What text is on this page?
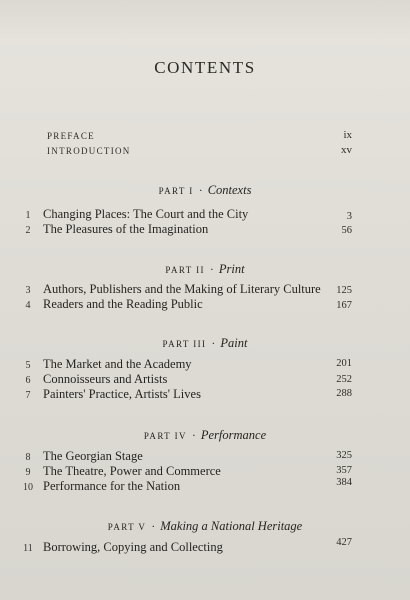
CONTENTS
PREFACE	ix
INTRODUCTION	xv
PART I · Contexts
1	Changing Places: The Court and the City	3
2	The Pleasures of the Imagination	56
PART II · Print
3	Authors, Publishers and the Making of Literary Culture 125
4	Readers and the Reading Public	167
PART III · Paint
5	The Market and the Academy	201
6	Connoisseurs and Artists	252
7	Painters' Practice, Artists' Lives	288
PART IV · Performance
8	The Georgian Stage	325
9	The Theatre, Power and Commerce	357
10 Performance for the Nation	384
PART V · Making a National Heritage
11 Borrowing, Copying and Collecting	427
